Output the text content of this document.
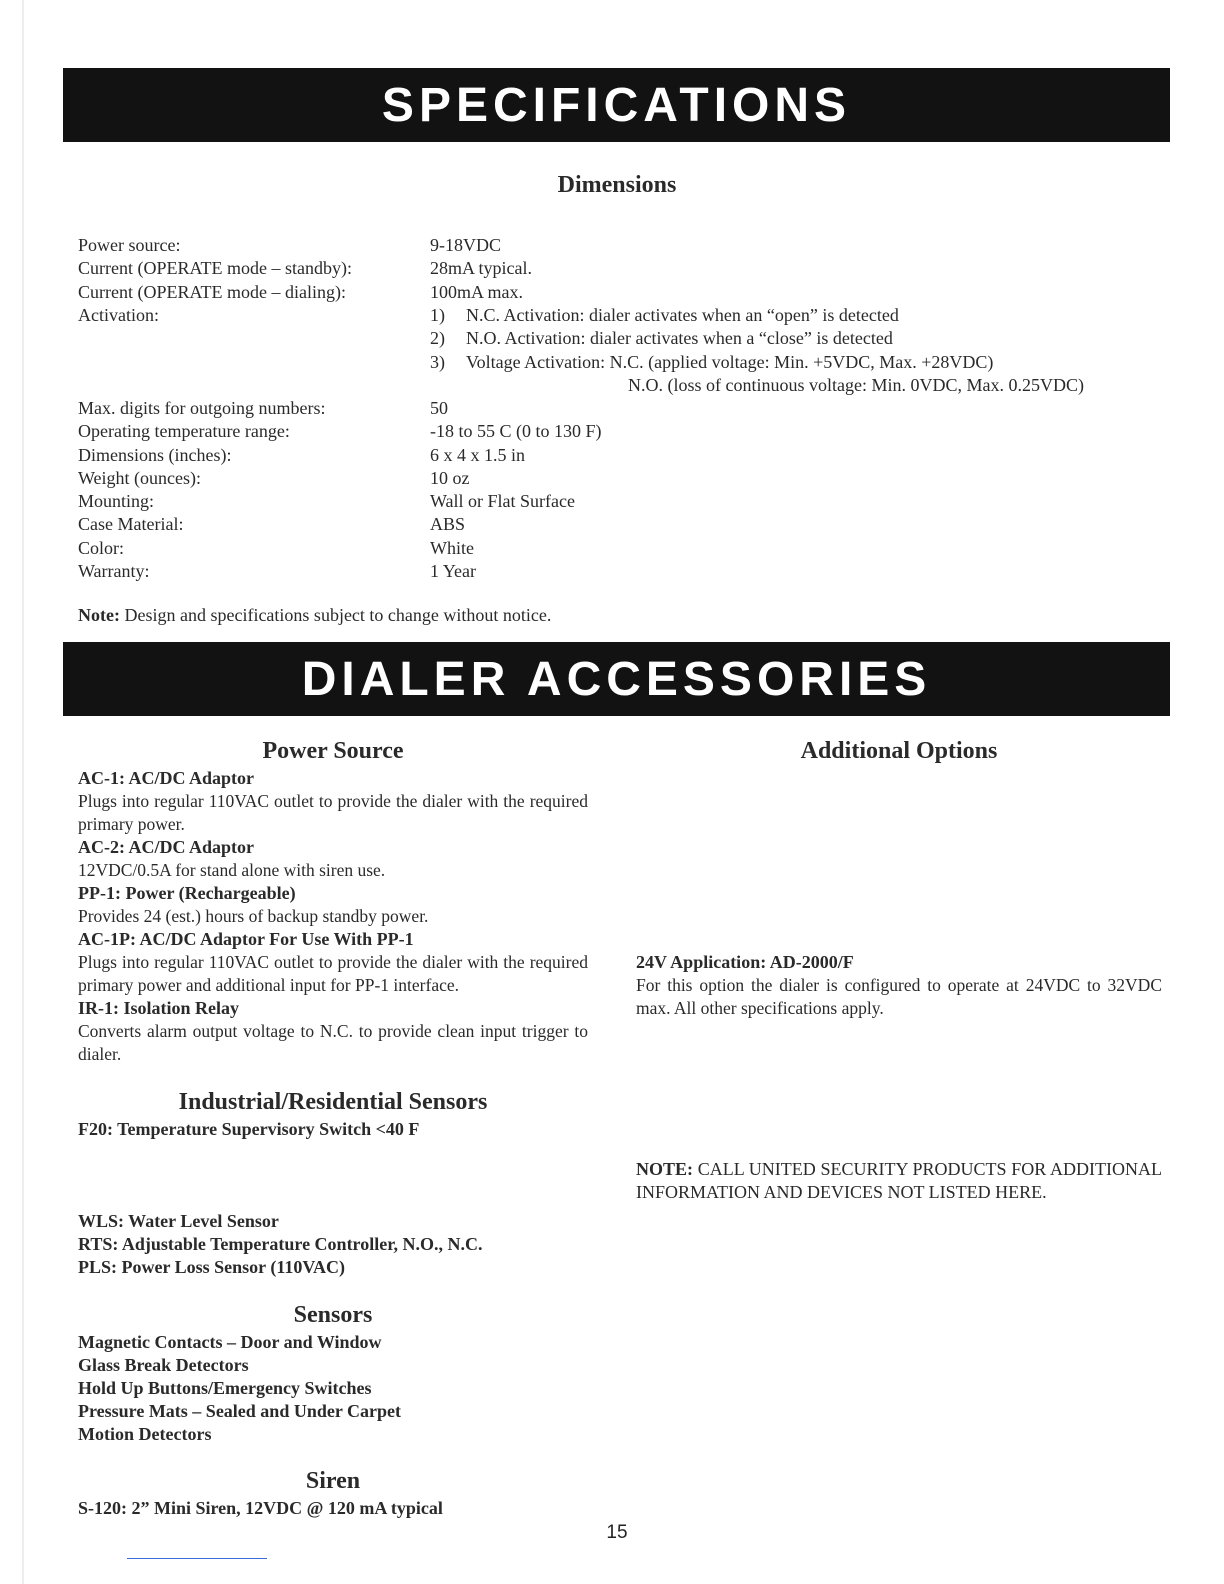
SPECIFICATIONS
Dimensions
Power source:
Current (OPERATE mode – standby):
Current (OPERATE mode – dialing):
Activation:
9-18VDC
28mA typical.
100mA max.
1) N.C. Activation: dialer activates when an “open” is detected
2) N.O. Activation: dialer activates when a “close” is detected
3) Voltage Activation: N.C. (applied voltage: Min. +5VDC, Max. +28VDC)
N.O. (loss of continuous voltage: Min. 0VDC, Max. 0.25VDC)
Max. digits for outgoing numbers:
Operating temperature range:
Dimensions (inches):
Weight (ounces):
Mounting:
Case Material:
Color:
Warranty:
50
-18 to 55 C (0 to 130 F)
6 x 4 x 1.5 in
10 oz
Wall or Flat Surface
ABS
White
1 Year
Note: Design and specifications subject to change without notice.
DIALER ACCESSORIES
Power Source
AC-1: AC/DC Adaptor
Plugs into regular 110VAC outlet to provide the dialer with the required primary power.
AC-2: AC/DC Adaptor
12VDC/0.5A for stand alone with siren use.
PP-1: Power (Rechargeable)
Provides 24 (est.) hours of backup standby power.
AC-1P: AC/DC Adaptor For Use With PP-1
Plugs into regular 110VAC outlet to provide the dialer with the required primary power and additional input for PP-1 interface.
IR-1: Isolation Relay
Converts alarm output voltage to N.C. to provide clean input trigger to dialer.
Industrial/Residential Sensors
F20: Temperature Supervisory Switch <40 F
WLS: Water Level Sensor
RTS: Adjustable Temperature Controller, N.O., N.C.
PLS: Power Loss Sensor (110VAC)
Sensors
Magnetic Contacts – Door and Window
Glass Break Detectors
Hold Up Buttons/Emergency Switches
Pressure Mats – Sealed and Under Carpet
Motion Detectors
Siren
S-120: 2” Mini Siren, 12VDC @ 120 mA typical
Additional Options
24V Application: AD-2000/F
For this option the dialer is configured to operate at 24VDC to 32VDC max. All other specifications apply.
NOTE: CALL UNITED SECURITY PRODUCTS FOR ADDITIONAL INFORMATION AND DEVICES NOT LISTED HERE.
15
